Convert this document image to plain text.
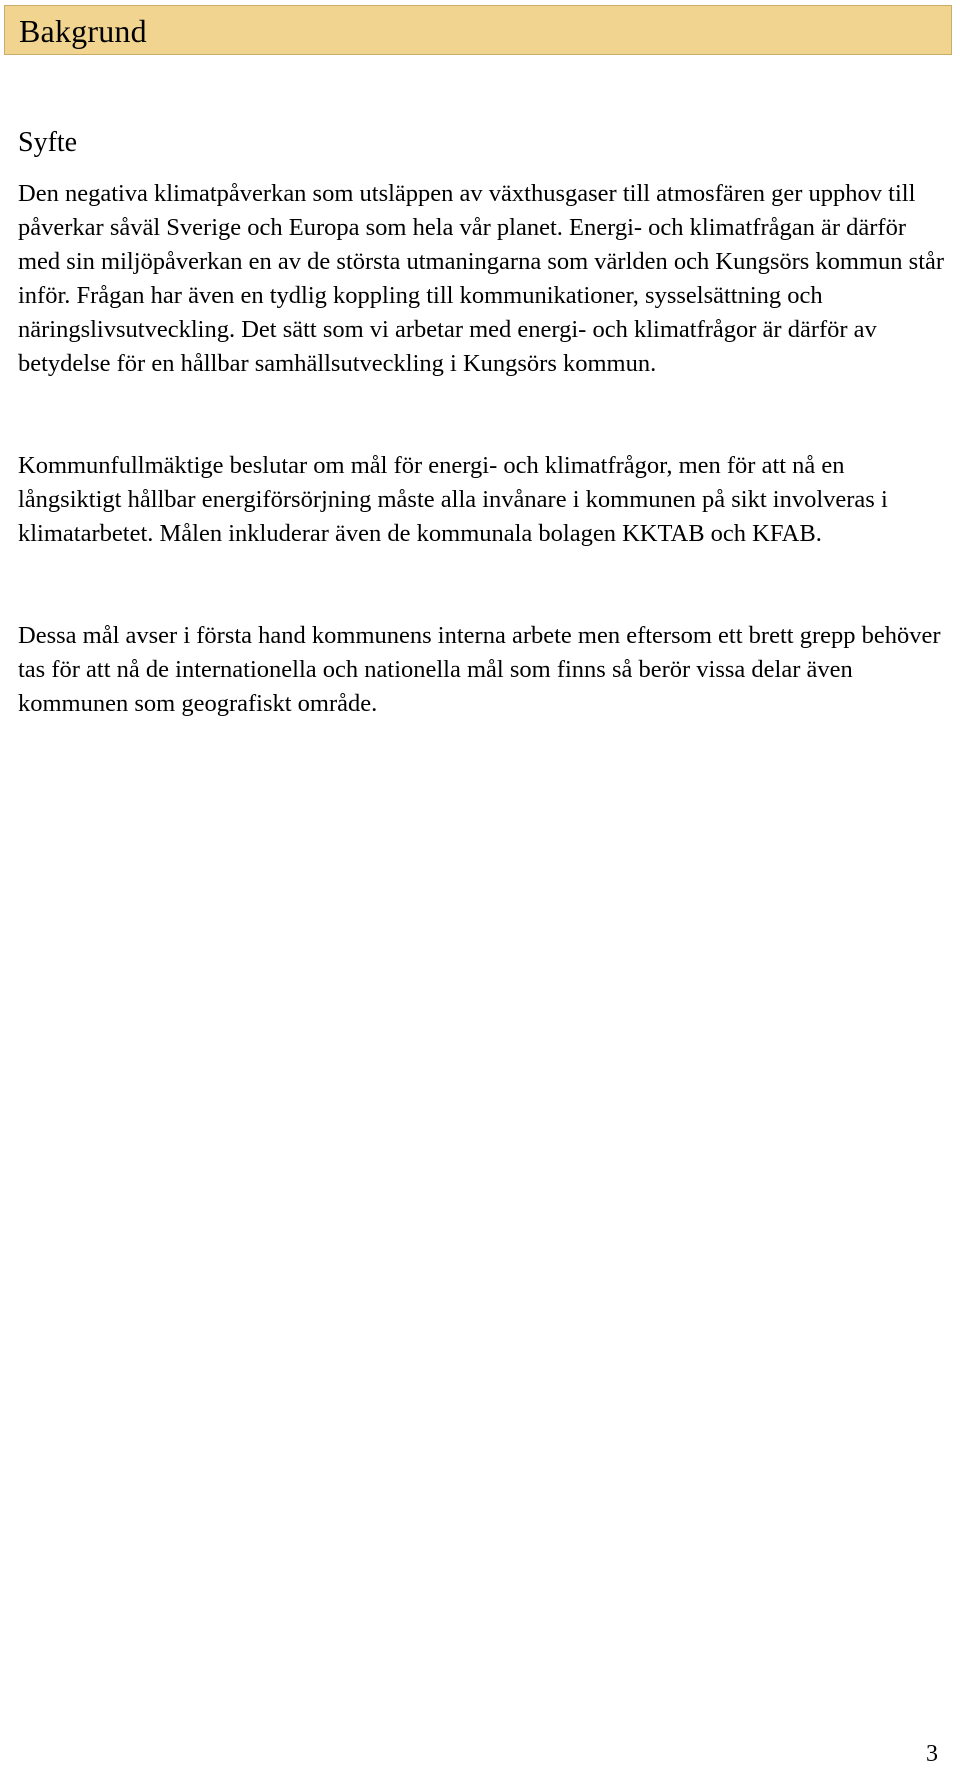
Bakgrund
Syfte

Den negativa klimatpåverkan som utsläppen av växthusgaser till atmosfären ger upphov till påverkar såväl Sverige och Europa som hela vår planet. Energi- och klimatfrågan är därför med sin miljöpåverkan en av de största utmaningarna som världen och Kungsörs kommun står inför. Frågan har även en tydlig koppling till kommunikationer, sysselsättning och näringslivsutveckling. Det sätt som vi arbetar med energi- och klimatfrågor är därför av betydelse för en hållbar samhällsutveckling i Kungsörs kommun.

Kommunfullmäktige beslutar om mål för energi- och klimatfrågor, men för att nå en långsiktigt hållbar energiförsörjning måste alla invånare i kommunen på sikt involveras i klimatarbetet. Målen inkluderar även de kommunala bolagen KKTAB och KFAB.

Dessa mål avser i första hand kommunens interna arbete men eftersom ett brett grepp behöver tas för att nå de internationella och nationella mål som finns så berör vissa delar även kommunen som geografiskt område.

3
